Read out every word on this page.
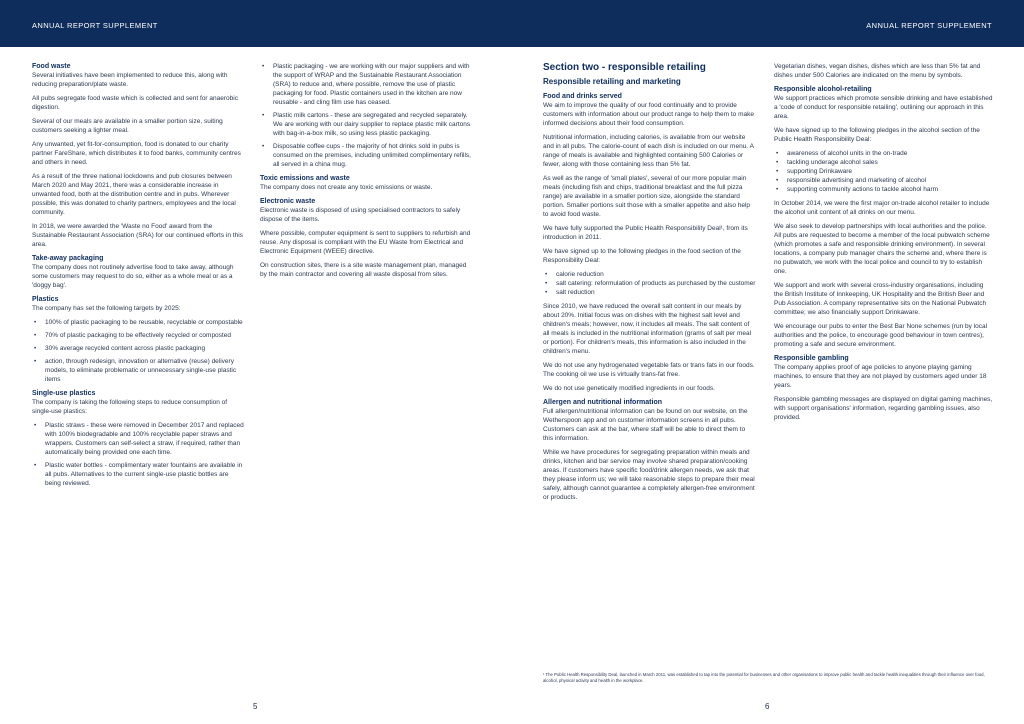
ANNUAL REPORT SUPPLEMENT
Food waste

Several initiatives have been implemented to reduce this, along with reducing preparation/plate waste.

All pubs segregate food waste which is collected and sent for anaerobic digestion.

Several of our meals are available in a smaller portion size, suiting customers seeking a lighter meal.

Any unwanted, yet fit-for-consumption, food is donated to our charity partner FareShare, which distributes it to food banks, community centres and others in need.

As a result of the three national lockdowns and pub closures between March 2020 and May 2021, there was a considerable increase in unwanted food, both at the distribution centre and in pubs. Wherever possible, this was donated to charity partners, employees and the local community.

In 2018, we were awarded the 'Waste no Food' award from the Sustainable Restaurant Association (SRA) for our continued efforts in this area.

Take-away packaging

The company does not routinely advertise food to take away, although some customers may request to do so, either as a whole meal or as a 'doggy bag'.

Plastics

The company has set the following targets by 2025:

• 100% of plastic packaging to be reusable, recyclable or compostable
• 70% of plastic packaging to be effectively recycled or composted
• 30% average recycled content across plastic packaging
• action, through redesign, innovation or alternative (reuse) delivery models, to eliminate problematic or unnecessary single-use plastic items
Single-use plastics

The company is taking the following steps to reduce consumption of single-use plastics:

• Plastic straws - these were removed in December 2017 and replaced with 100% biodegradable and 100% recyclable paper straws and wrappers. Customers can self-select a straw, if required, rather than automatically being provided one each time.
• Plastic water bottles - complimentary water fountains are available in all pubs. Alternatives to the current single-use plastic bottles are being reviewed.
• Plastic packaging - we are working with our major suppliers and with the support of WRAP and the Sustainable Restaurant Association (SRA) to reduce and, where possible, remove the use of plastic packaging for food. Plastic containers used in the kitchen are now reusable - and cling film use has ceased.
• Plastic milk cartons - these are segregated and recycled separately. We are working with our dairy supplier to replace plastic milk cartons with bag-in-a-box milk, so using less plastic packaging.
• Disposable coffee cups - the majority of hot drinks sold in pubs is consumed on the premises, including unlimited complimentary refills, all served in a china mug.
Toxic emissions and waste

The company does not create any toxic emissions or waste.

Electronic waste

Electronic waste is disposed of using specialised contractors to safely dispose of the items.

Where possible, computer equipment is sent to suppliers to refurbish and reuse. Any disposal is compliant with the EU Waste from Electrical and Electronic Equipment (WEEE) directive.

On construction sites, there is a site waste management plan, managed by the main contractor and covering all waste disposal from sites.

5
ANNUAL REPORT SUPPLEMENT
Section two - responsible retailing
Responsible retailing and marketing
Food and drinks served

We aim to improve the quality of our food continually and to provide customers with information about our product range to help them to make informed decisions about their food consumption.

Nutritional information, including calories, is available from our website and in all pubs. The calorie-count of each dish is included on our menu. A range of meals is available and highlighted containing 500 Calories or fewer, along with those containing less than 5% fat.

As well as the range of 'small plates', several of our more popular main meals (including fish and chips, traditional breakfast and the full pizza range) are available in a smaller portion size, alongside the standard portion. Smaller portions suit those with a smaller appetite and also help to avoid food waste.

We have fully supported the Public Health Responsibility Deal¹, from its introduction in 2011.

We have signed up to the following pledges in the food section of the Responsibility Deal:

• calorie reduction
• salt catering: reformulation of products as purchased by the customer
• salt reduction

Since 2010, we have reduced the overall salt content in our meals by about 20%. Initial focus was on dishes with the highest salt level and children's meals; however, now, it includes all meals. The salt content of all meals is included in the nutritional information (grams of salt per meal or portion). For children's meals, this information is also included in the children's menu.

We do not use any hydrogenated vegetable fats or trans fats in our foods. The cooking oil we use is virtually trans-fat free.

We do not use genetically modified ingredients in our foods.

Allergen and nutritional information

Full allergen/nutritional information can be found on our website, on the Wetherspoon app and on customer information screens in all pubs. Customers can ask at the bar, where staff will be able to direct them to this information.

While we have procedures for segregating preparation within meals and drinks, kitchen and bar service may involve shared preparation/cooking areas. If customers have specific food/drink allergen needs, we ask that they please inform us; we will take reasonable steps to prepare their meal safely, although cannot guarantee a completely allergen-free environment or products.

Vegetarian dishes, vegan dishes, dishes which are less than 5% fat and dishes under 500 Calories are indicated on the menu by symbols.

Responsible alcohol-retailing

We support practices which promote sensible drinking and have established a 'code of conduct for responsible retailing', outlining our approach in this area.

We have signed up to the following pledges in the alcohol section of the Public Health Responsibility Deal:

• awareness of alcohol units in the on-trade
• tackling underage alcohol sales
• supporting Drinkaware
• responsible advertising and marketing of alcohol
• supporting community actions to tackle alcohol harm

In October 2014, we were the first major on-trade alcohol retailer to include the alcohol unit content of all drinks on our menu.

We also seek to develop partnerships with local authorities and the police. All pubs are requested to become a member of the local pubwatch scheme (which promotes a safe and responsible drinking environment). In several locations, a company pub manager chairs the scheme and, where there is no pubwatch, we work with the local police and council to try to establish one.

We support and work with several cross-industry organisations, including the British Institute of Innkeeping, UK Hospitality and the British Beer and Pub Association. A company representative sits on the National Pubwatch committee; we also financially support Drinkaware.

We encourage our pubs to enter the Best Bar None schemes (run by local authorities and the police, to encourage good behaviour in town centres), promoting a safe and secure environment.

Responsible gambling

The company applies proof of age policies to anyone playing gaming machines, to ensure that they are not played by customers aged under 18 years.

Responsible gambling messages are displayed on digital gaming machines, with support organisations' information, regarding gambling issues, also provided.

¹ The Public Health Responsibility Deal, launched in March 2011, was established to tap into the potential for businesses and other organisations to improve public health and tackle health inequalities through their influence over food, alcohol, physical activity and health in the workplace.
6
